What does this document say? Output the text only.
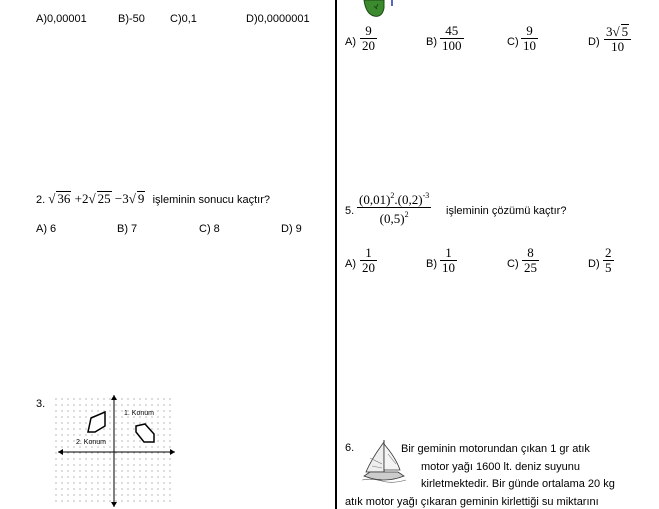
A)0,00001	B)-50 C)0,1	D)0,0000001
A)
9
20	B)
45
100	C)
9
10	D)
3√ 5
10
2. √ 36 +2√ 25 −3√ 9 işleminin sonucu kaçtır?
A) 6	B) 7	C) 8	D) 9
5.
$(0,01)^2.(0,2)^{-3}$
$(0,5)^2$	işleminin çözümü kaçtır?
A)
1
20	B)
1
10	C)
8
25	D)
2
5
3.
1. Konum
2. Konum	6.	Bir geminin motorundan çıkan 1 gr atık
motor yağı 1600 lt. deniz suyunu
kirletmektedir. Bir günde ortalama 20 kg
atık motor yağı çıkaran geminin kirlettiği su miktarını
